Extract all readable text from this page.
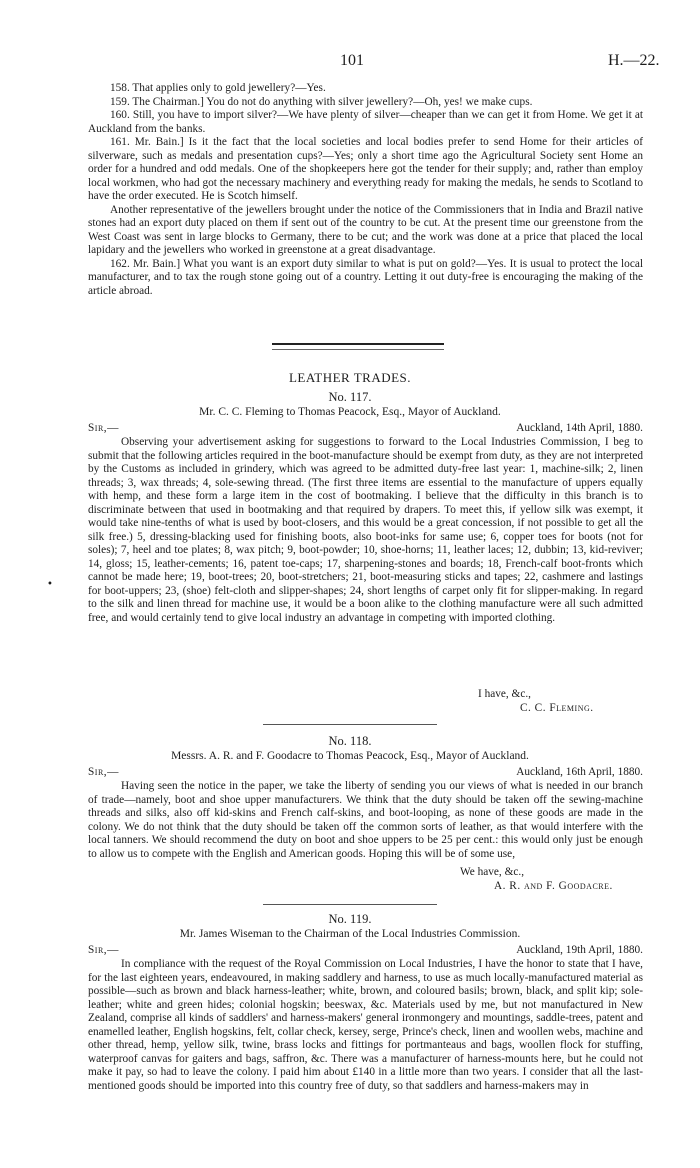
101	H.—22.

158. That applies only to gold jewellery?—Yes.

159. The Chairman.] You do not do anything with silver jewellery?—Oh, yes! we make cups.

160. Still, you have to import silver?—We have plenty of silver—cheaper than we can get it from Home. We get it at Auckland from the banks.

161. Mr. Bain.] Is it the fact that the local societies and local bodies prefer to send Home for their articles of silverware, such as medals and presentation cups?—Yes; only a short time ago the Agricultural Society sent Home an order for a hundred and odd medals. One of the shopkeepers here got the tender for their supply; and, rather than employ local workmen, who had got the necessary machinery and everything ready for making the medals, he sends to Scotland to have the order executed. He is Scotch himself.

Another representative of the jewellers brought under the notice of the Commissioners that in India and Brazil native stones had an export duty placed on them if sent out of the country to be cut. At the present time our greenstone from the West Coast was sent in large blocks to Germany, there to be cut; and the work was done at a price that placed the local lapidary and the jewellers who worked in greenstone at a great disadvantage.

162. Mr. Bain.] What you want is an export duty similar to what is put on gold?—Yes. It is usual to protect the local manufacturer, and to tax the rough stone going out of a country. Letting it out duty-free is encouraging the making of the article abroad.

LEATHER TRADES.
No. 117.
Mr. C. C. Fleming to Thomas Peacock, Esq., Mayor of Auckland.
Sir,—	Auckland, 14th April, 1880.

Observing your advertisement asking for suggestions to forward to the Local Industries Commission, I beg to submit that the following articles required in the boot-manufacture should be exempt from duty, as they are not interpreted by the Customs as included in grindery, which was agreed to be admitted duty-free last year: 1, machine-silk; 2, linen threads; 3, wax threads; 4, sole-sewing thread. (The first three items are essential to the manufacture of uppers equally with hemp, and these form a large item in the cost of bootmaking. I believe that the difficulty in this branch is to discriminate between that used in bootmaking and that required by drapers. To meet this, if yellow silk was exempt, it would take nine-tenths of what is used by boot-closers, and this would be a great concession, if not possible to get all the silk free.) 5, dressing-blacking used for finishing boots, also boot-inks for same use; 6, copper toes for boots (not for soles); 7, heel and toe plates; 8, wax pitch; 9, boot-powder; 10, shoe-horns; 11, leather laces; 12, dubbin; 13, kid-reviver; 14, gloss; 15, leather-cements; 16, patent toe-caps; 17, sharpening-stones and boards; 18, French-calf boot-fronts which cannot be made here; 19, boot-trees; 20, boot-stretchers; 21, boot-measuring sticks and tapes; 22, cashmere and lastings for boot-uppers; 23, (shoe) felt-cloth and slipper-shapes; 24, short lengths of carpet only fit for slipper-making. In regard to the silk and linen thread for machine use, it would be a boon alike to the clothing manufacture were all such admitted free, and would certainly tend to give local industry an advantage in competing with imported clothing.

I have, &c.,
C. C. Fleming.
•
No. 118.
Messrs. A. R. and F. Goodacre to Thomas Peacock, Esq., Mayor of Auckland.
Sir,—	Auckland, 16th April, 1880.

Having seen the notice in the paper, we take the liberty of sending you our views of what is needed in our branch of trade—namely, boot and shoe upper manufacturers. We think that the duty should be taken off the sewing-machine threads and silks, also off kid-skins and French calf-skins, and boot-looping, as none of these goods are made in the colony. We do not think that the duty should be taken off the common sorts of leather, as that would interfere with the local tanners. We should recommend the duty on boot and shoe uppers to be 25 per cent.: this would only just be enough to allow us to compete with the English and American goods. Hoping this will be of some use,

We have, &c.,
A. R. and F. Goodacre.
No. 119.
Mr. James Wiseman to the Chairman of the Local Industries Commission.
Sir,—	Auckland, 19th April, 1880.

In compliance with the request of the Royal Commission on Local Industries, I have the honor to state that I have, for the last eighteen years, endeavoured, in making saddlery and harness, to use as much locally-manufactured material as possible—such as brown and black harness-leather; white, brown, and coloured basils; brown, black, and split kip; sole-leather; white and green hides; colonial hogskin; beeswax, &c. Materials used by me, but not manufactured in New Zealand, comprise all kinds of saddlers' and harness-makers' general ironmongery and mountings, saddle-trees, patent and enamelled leather, English hogskins, felt, collar check, kersey, serge, Prince's check, linen and woollen webs, machine and other thread, hemp, yellow silk, twine, brass locks and fittings for portmanteaus and bags, woollen flock for stuffing, waterproof canvas for gaiters and bags, saffron, &c. There was a manufacturer of harness-mounts here, but he could not make it pay, so had to leave the colony. I paid him about £140 in a little more than two years. I consider that all the last-mentioned goods should be imported into this country free of duty, so that saddlers and harness-makers may in
